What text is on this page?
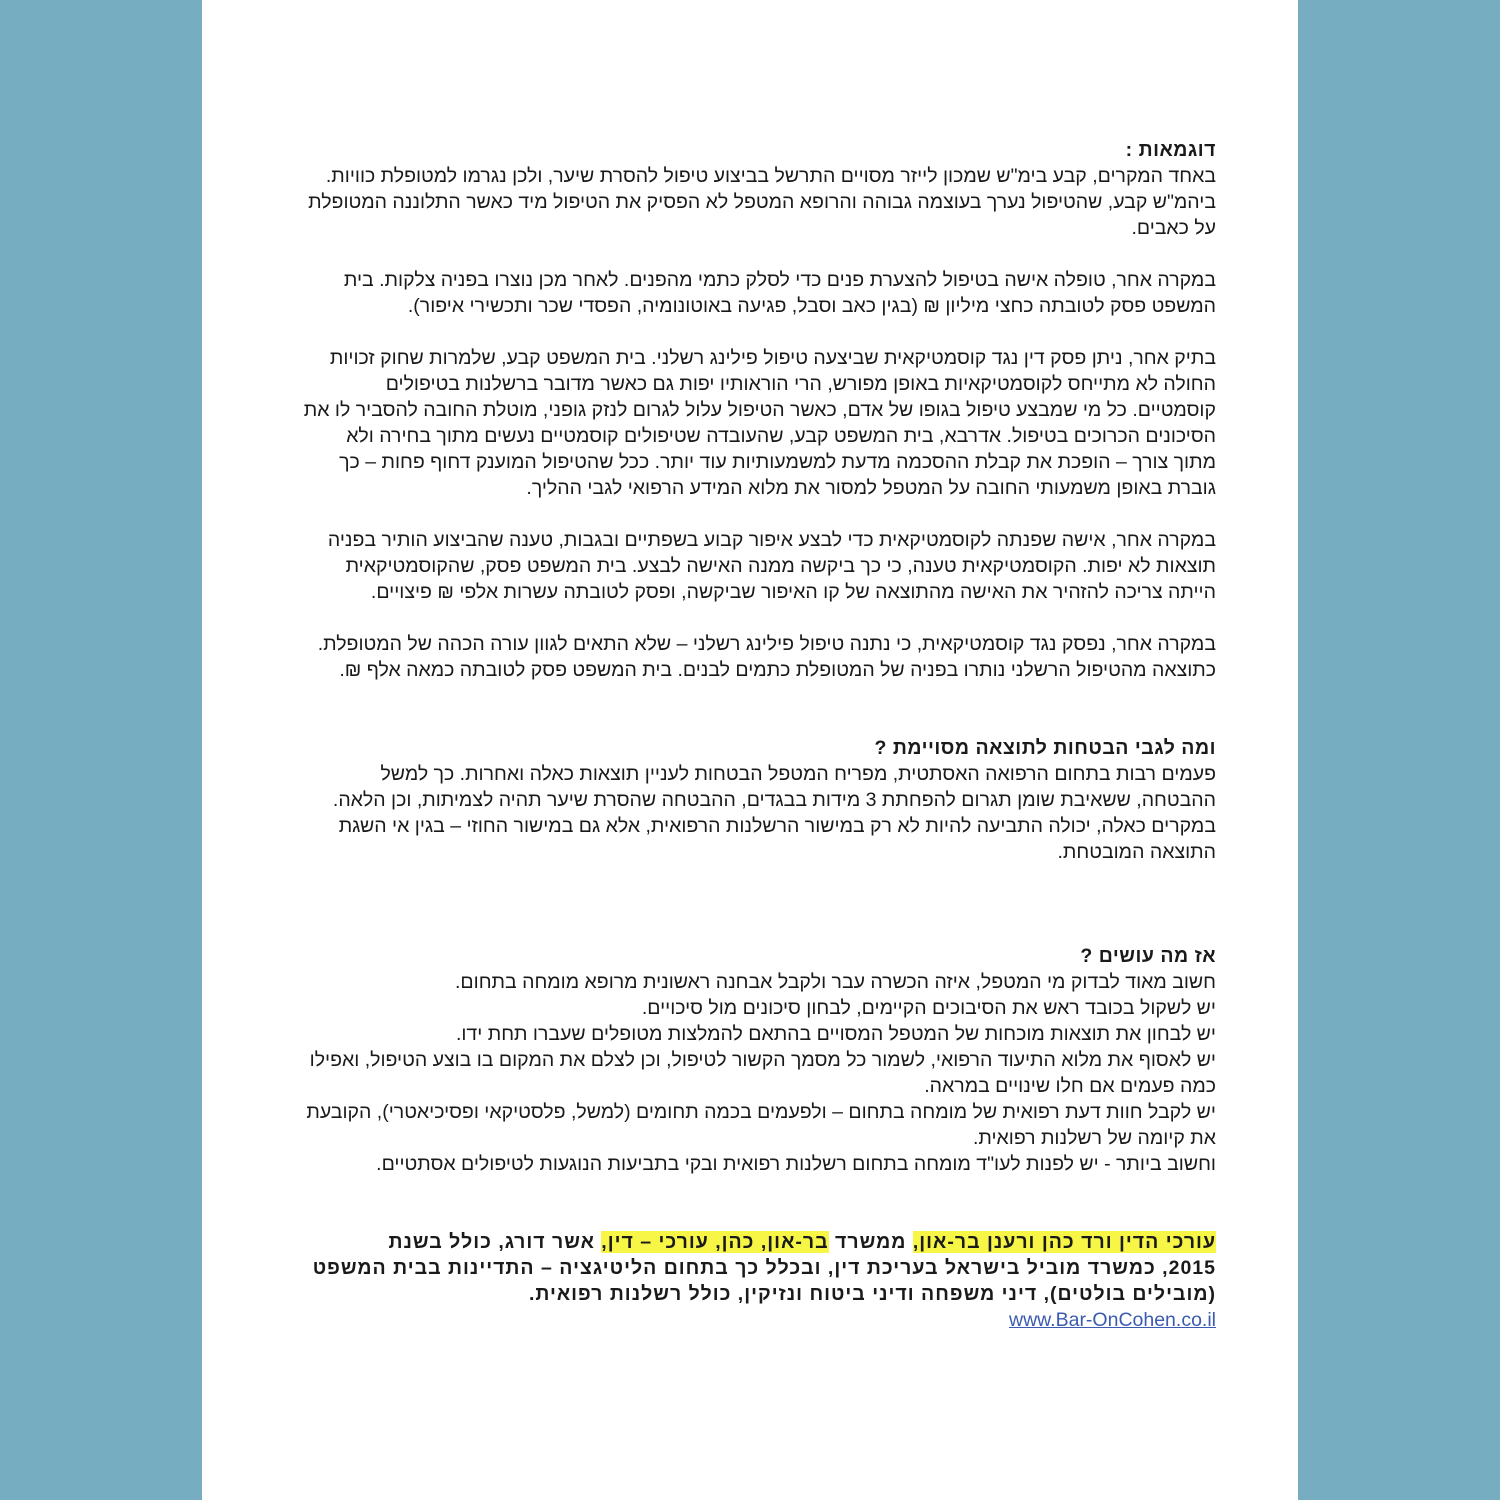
דוגמאות :
באחד המקרים, קבע בימ"ש שמכון לייזר מסויים התרשל בביצוע טיפול להסרת שיער, ולכן נגרמו למטופלת כוויות.
ביהמ"ש קבע, שהטיפול נערך בעוצמה גבוהה והרופא המטפל לא הפסיק את הטיפול מיד כאשר התלוננה המטופלת
על כאבים.
במקרה אחר, טופלה אישה בטיפול להצערת פנים כדי לסלק כתמי מהפנים. לאחר מכן נוצרו בפניה צלקות. בית
המשפט פסק לטובתה כחצי מיליון ₪ (בגין כאב וסבל, פגיעה באוטונומיה, הפסדי שכר ותכשירי איפור).
בתיק אחר, ניתן פסק דין נגד קוסמטיקאית שביצעה טיפול פילינג רשלני. בית המשפט קבע, שלמרות שחוק זכויות
החולה לא מתייחס לקוסמטיקאיות באופן מפורש, הרי הוראותיו יפות גם כאשר מדובר ברשלנות בטיפולים
קוסמטיים. כל מי שמבצע טיפול בגופו של אדם, כאשר הטיפול עלול לגרום לנזק גופני, מוטלת החובה להסביר לו את
הסיכונים הכרוכים בטיפול. אדרבא, בית המשפט קבע, שהעובדה שטיפולים קוסמטיים נעשים מתוך בחירה ולא
מתוך צורך – הופכת את קבלת ההסכמה מדעת למשמעותיות עוד יותר. ככל שהטיפול המוענק דחוף פחות – כך
גוברת באופן משמעותי החובה על המטפל למסור את מלוא המידע הרפואי לגבי ההליך.
במקרה אחר, אישה שפנתה לקוסמטיקאית כדי לבצע איפור קבוע בשפתיים ובגבות, טענה שהביצוע הותיר בפניה
תוצאות לא יפות. הקוסמטיקאית טענה, כי כך ביקשה ממנה האישה לבצע. בית המשפט פסק, שהקוסמטיקאית
הייתה צריכה להזהיר את האישה מהתוצאה של קו האיפור שביקשה, ופסק לטובתה עשרות אלפי ₪ פיצויים.
במקרה אחר, נפסק נגד קוסמטיקאית, כי נתנה טיפול פילינג רשלני – שלא התאים לגוון עורה הכהה של המטופלת.
כתוצאה מהטיפול הרשלני נותרו בפניה של המטופלת כתמים לבנים. בית המשפט פסק לטובתה כמאה אלף ₪.
ומה לגבי הבטחות לתוצאה מסויימת ?
פעמים רבות בתחום הרפואה האסתטית, מפריח המטפל הבטחות לעניין תוצאות כאלה ואחרות. כך למשל
ההבטחה, ששאיבת שומן תגרום להפחתת 3 מידות בבגדים, ההבטחה שהסרת שיער תהיה לצמיתות, וכן הלאה.
במקרים כאלה, יכולה התביעה להיות לא רק במישור הרשלנות הרפואית, אלא גם במישור החוזי – בגין אי השגת
התוצאה המובטחת.
אז מה עושים ?
חשוב מאוד לבדוק מי המטפל, איזה הכשרה עבר ולקבל אבחנה ראשונית מרופא מומחה בתחום.
יש לשקול בכובד ראש את הסיבוכים הקיימים, לבחון סיכונים מול סיכויים.
יש לבחון את תוצאות מוכחות של המטפל המסויים בהתאם להמלצות מטופלים שעברו תחת ידו.
יש לאסוף את מלוא התיעוד הרפואי, לשמור כל מסמך הקשור לטיפול, וכן לצלם את המקום בו בוצע הטיפול, ואפילו
כמה פעמים אם חלו שינויים במראה.
יש לקבל חוות דעת רפואית של מומחה בתחום – ולפעמים בכמה תחומים (למשל, פלסטיקאי ופסיכיאטרי), הקובעת
את קיומה של רשלנות רפואית.
וחשוב ביותר - יש לפנות לעו"ד מומחה בתחום רשלנות רפואית ובקי בתביעות הנוגעות לטיפולים אסתטיים.
עורכי הדין ורד כהן ורענן בר-און, ממשרד בר-און, כהן, עורכי – דין, אשר דורג, כולל בשנת
2015, כמשרד מוביל בישראל בעריכת דין, ובכלל כך בתחום הליטיגציה – התדיינות בבית המשפט
(מובילים בולטים), דיני משפחה ודיני ביטוח ונזיקין, כולל רשלנות רפואית.
www.Bar-OnCohen.co.il
